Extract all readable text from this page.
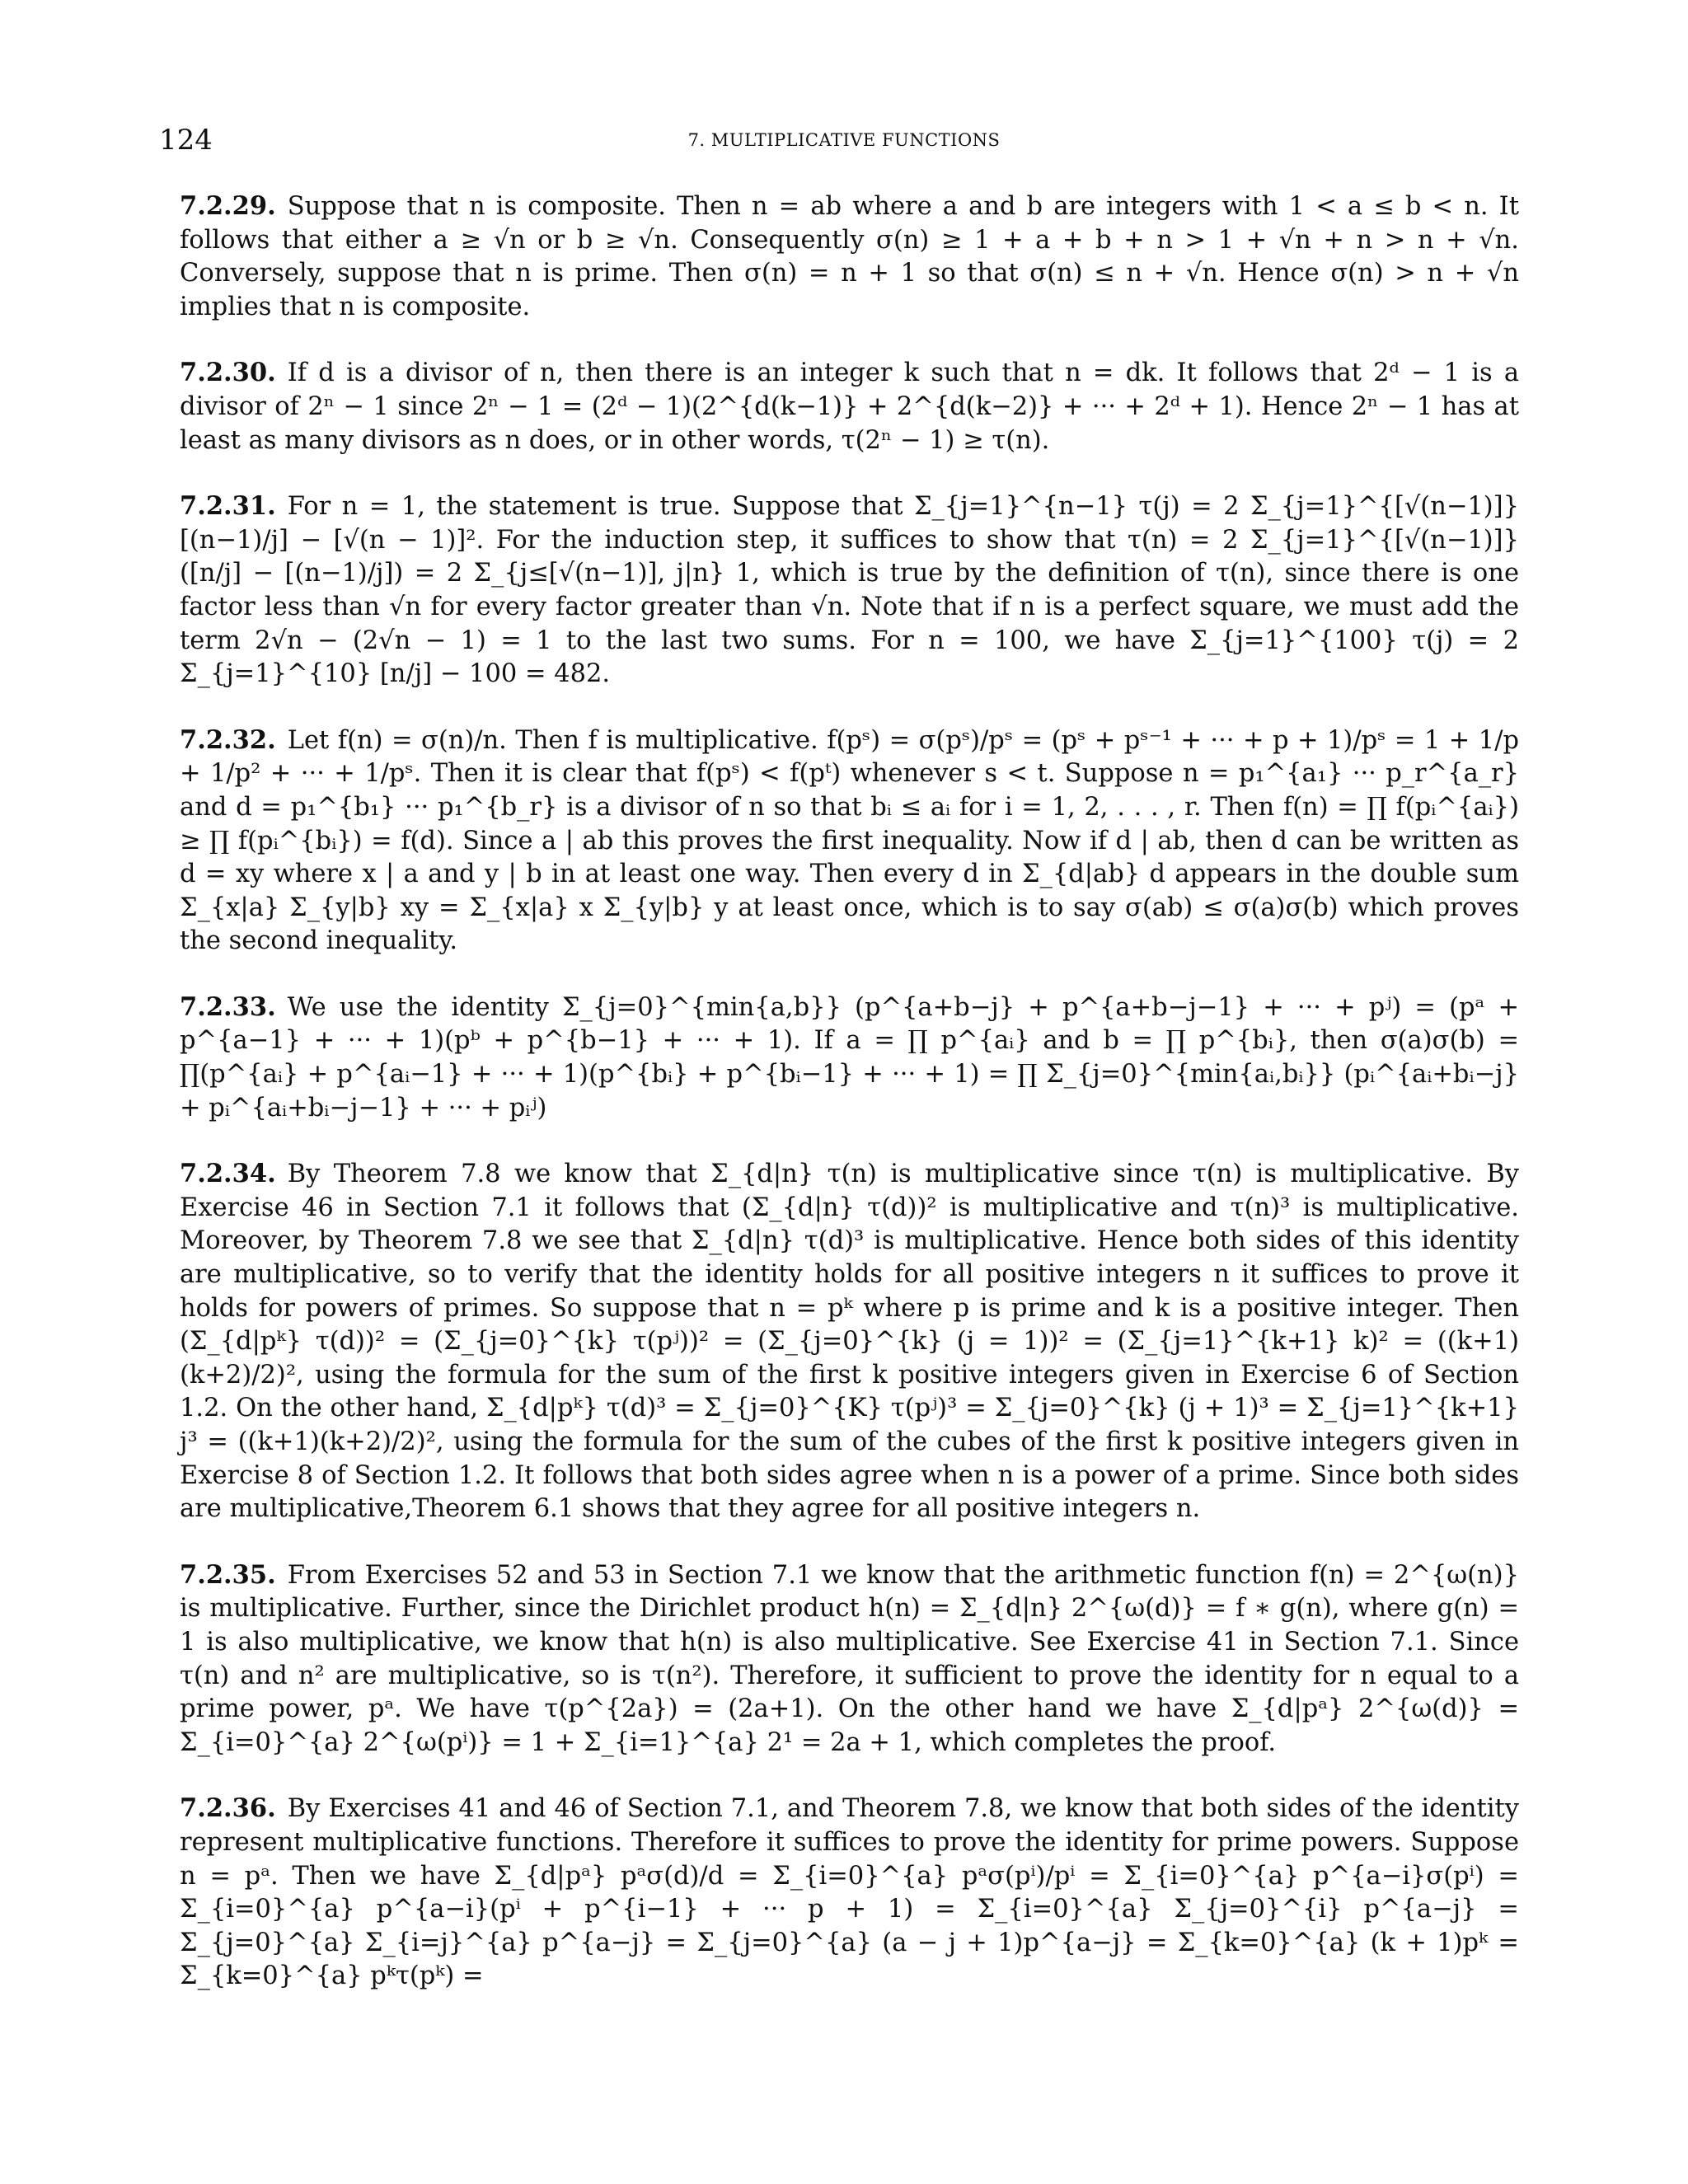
124	7. MULTIPLICATIVE FUNCTIONS

7.2.29. Suppose that n is composite. Then n = ab where a and b are integers with 1 < a ≤ b < n. It follows that either a ≥ √n or b ≥ √n. Consequently σ(n) ≥ 1 + a + b + n > 1 + √n + n > n + √n. Conversely, suppose that n is prime. Then σ(n) = n + 1 so that σ(n) ≤ n + √n. Hence σ(n) > n + √n implies that n is composite.

7.2.30. If d is a divisor of n, then there is an integer k such that n = dk. It follows that 2ᵈ − 1 is a divisor of 2ⁿ − 1 since 2ⁿ − 1 = (2ᵈ − 1)(2^{d(k−1)} + 2^{d(k−2)} + ··· + 2ᵈ + 1). Hence 2ⁿ − 1 has at least as many divisors as n does, or in other words, τ(2ⁿ − 1) ≥ τ(n).

7.2.31. For n = 1, the statement is true. Suppose that Σ_{j=1}^{n−1} τ(j) = 2 Σ_{j=1}^{[√(n−1)]} [(n−1)/j] − [√(n − 1)]². For the induction step, it suffices to show that τ(n) = 2 Σ_{j=1}^{[√(n−1)]} ([n/j] − [(n−1)/j]) = 2 Σ_{j≤[√(n−1)], j|n} 1, which is true by the definition of τ(n), since there is one factor less than √n for every factor greater than √n. Note that if n is a perfect square, we must add the term 2√n − (2√n − 1) = 1 to the last two sums. For n = 100, we have Σ_{j=1}^{100} τ(j) = 2 Σ_{j=1}^{10} [n/j] − 100 = 482.

7.2.32. Let f(n) = σ(n)/n. Then f is multiplicative. f(pˢ) = σ(pˢ)/pˢ = (pˢ + pˢ⁻¹ + ··· + p + 1)/pˢ = 1 + 1/p + 1/p² + ··· + 1/pˢ. Then it is clear that f(pˢ) < f(pᵗ) whenever s < t. Suppose n = p₁^{a₁} ··· p_r^{a_r} and d = p₁^{b₁} ··· p₁^{b_r} is a divisor of n so that bᵢ ≤ aᵢ for i = 1, 2, . . . , r. Then f(n) = ∏ f(pᵢ^{aᵢ}) ≥ ∏ f(pᵢ^{bᵢ}) = f(d). Since a | ab this proves the first inequality. Now if d | ab, then d can be written as d = xy where x | a and y | b in at least one way. Then every d in Σ_{d|ab} d appears in the double sum Σ_{x|a} Σ_{y|b} xy = Σ_{x|a} x Σ_{y|b} y at least once, which is to say σ(ab) ≤ σ(a)σ(b) which proves the second inequality.

7.2.33. We use the identity Σ_{j=0}^{min{a,b}} (p^{a+b−j} + p^{a+b−j−1} + ··· + pʲ) = (pᵃ + p^{a−1} + ··· + 1)(pᵇ + p^{b−1} + ··· + 1). If a = ∏ p^{aᵢ} and b = ∏ p^{bᵢ}, then σ(a)σ(b) = ∏(p^{aᵢ} + p^{aᵢ−1} + ··· + 1)(p^{bᵢ} + p^{bᵢ−1} + ··· + 1) = ∏ Σ_{j=0}^{min{aᵢ,bᵢ}} (pᵢ^{aᵢ+bᵢ−j} + pᵢ^{aᵢ+bᵢ−j−1} + ··· + pᵢʲ)

7.2.34. By Theorem 7.8 we know that Σ_{d|n} τ(n) is multiplicative since τ(n) is multiplicative. By Exercise 46 in Section 7.1 it follows that (Σ_{d|n} τ(d))² is multiplicative and τ(n)³ is multiplicative. Moreover, by Theorem 7.8 we see that Σ_{d|n} τ(d)³ is multiplicative. Hence both sides of this identity are multiplicative, so to verify that the identity holds for all positive integers n it suffices to prove it holds for powers of primes. So suppose that n = pᵏ where p is prime and k is a positive integer. Then (Σ_{d|pᵏ} τ(d))² = (Σ_{j=0}^{k} τ(pʲ))² = (Σ_{j=0}^{k} (j = 1))² = (Σ_{j=1}^{k+1} k)² = ((k+1)(k+2)/2)², using the formula for the sum of the first k positive integers given in Exercise 6 of Section 1.2. On the other hand, Σ_{d|pᵏ} τ(d)³ = Σ_{j=0}^{K} τ(pʲ)³ = Σ_{j=0}^{k} (j + 1)³ = Σ_{j=1}^{k+1} j³ = ((k+1)(k+2)/2)², using the formula for the sum of the cubes of the first k positive integers given in Exercise 8 of Section 1.2. It follows that both sides agree when n is a power of a prime. Since both sides are multiplicative,Theorem 6.1 shows that they agree for all positive integers n.

7.2.35. From Exercises 52 and 53 in Section 7.1 we know that the arithmetic function f(n) = 2^{ω(n)} is multiplicative. Further, since the Dirichlet product h(n) = Σ_{d|n} 2^{ω(d)} = f ∗ g(n), where g(n) = 1 is also multiplicative, we know that h(n) is also multiplicative. See Exercise 41 in Section 7.1. Since τ(n) and n² are multiplicative, so is τ(n²). Therefore, it sufficient to prove the identity for n equal to a prime power, pᵃ. We have τ(p^{2a}) = (2a+1). On the other hand we have Σ_{d|pᵃ} 2^{ω(d)} = Σ_{i=0}^{a} 2^{ω(pⁱ)} = 1 + Σ_{i=1}^{a} 2¹ = 2a + 1, which completes the proof.

7.2.36. By Exercises 41 and 46 of Section 7.1, and Theorem 7.8, we know that both sides of the identity represent multiplicative functions. Therefore it suffices to prove the identity for prime powers. Suppose n = pᵃ. Then we have Σ_{d|pᵃ} pᵃσ(d)/d = Σ_{i=0}^{a} pᵃσ(pⁱ)/pⁱ = Σ_{i=0}^{a} p^{a−i}σ(pⁱ) = Σ_{i=0}^{a} p^{a−i}(pⁱ + p^{i−1} + ··· p + 1) = Σ_{i=0}^{a} Σ_{j=0}^{i} p^{a−j} = Σ_{j=0}^{a} Σ_{i=j}^{a} p^{a−j} = Σ_{j=0}^{a} (a − j + 1)p^{a−j} = Σ_{k=0}^{a} (k + 1)pᵏ = Σ_{k=0}^{a} pᵏτ(pᵏ) =
